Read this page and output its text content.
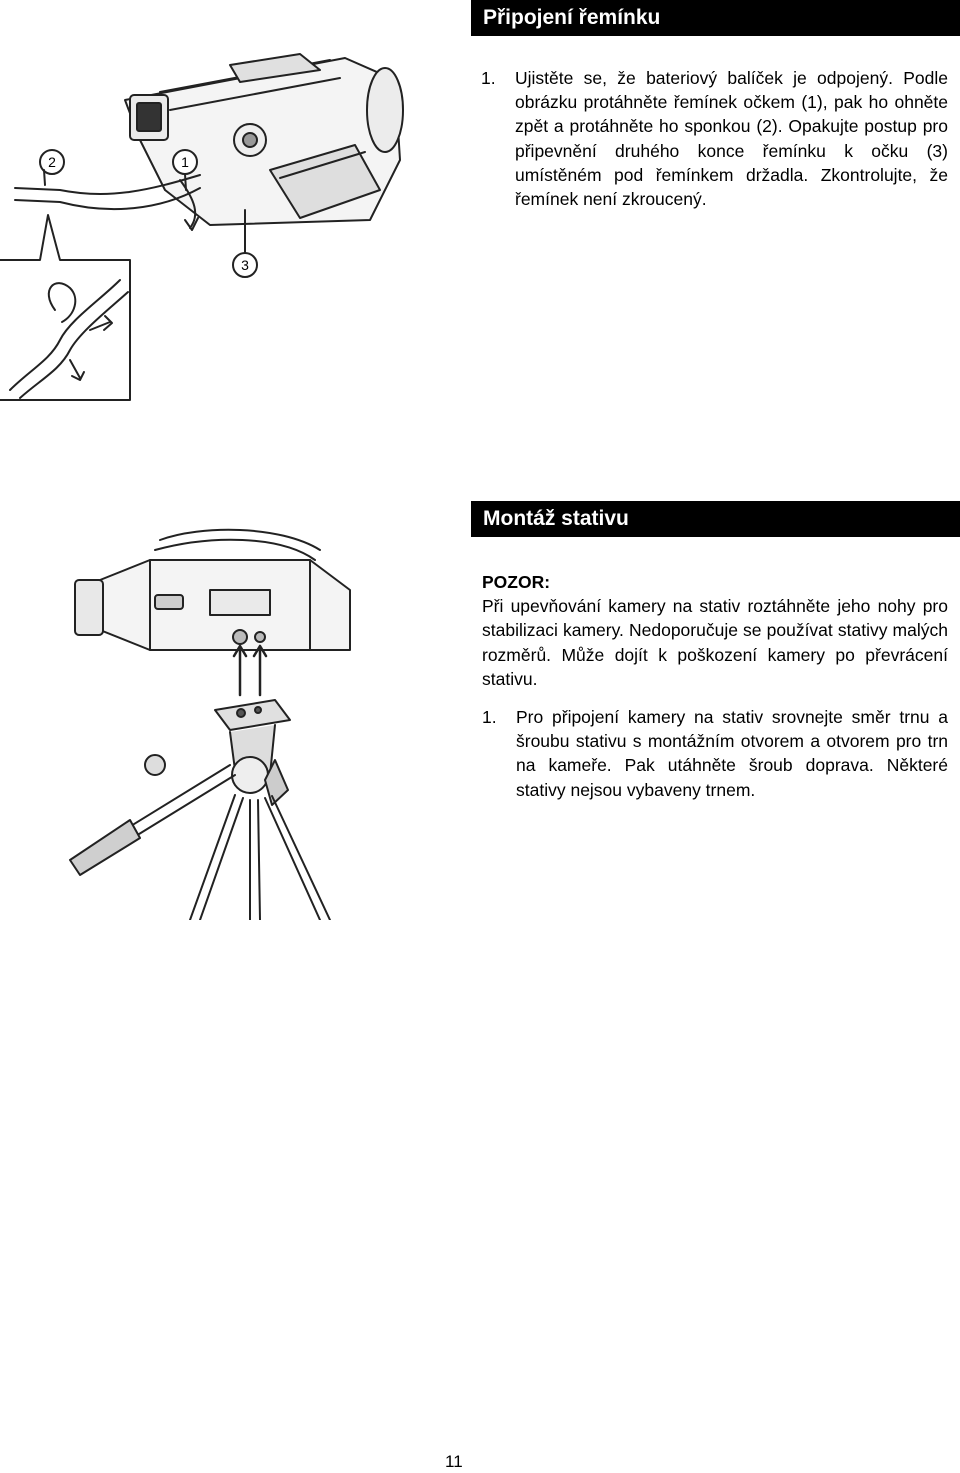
Připojení řemínku
1.	Ujistěte se, že bateriový balíček je odpojený. Podle obrázku protáhněte řemínek očkem (1), pak ho ohněte zpět a protáhněte ho sponkou (2). Opakujte postup pro připevnění druhého konce řemínku k očku (3) umístěném pod řemínkem držadla. Zkontrolujte, že řemínek není zkroucený.
2	1
3
Montáž stativu
POZOR:
Při upevňování kamery na stativ roztáhněte jeho nohy pro stabilizaci kamery. Nedoporučuje se používat stativy malých rozměrů. Může dojít k poškození kamery po převrácení stativu.
1.	Pro připojení kamery na stativ srovnejte směr trnu a šroubu stativu s montážním otvorem a otvorem pro trn na kameře. Pak utáhněte šroub doprava. Některé stativy nejsou vybaveny trnem.
11
